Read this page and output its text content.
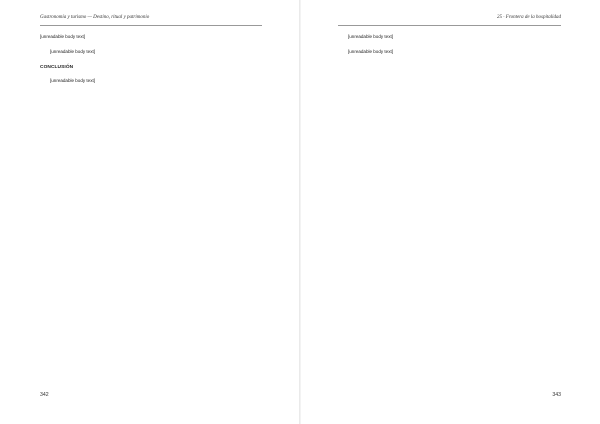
Gastronomía y turismo — Destino, ritual y patrimonio

[unreadable body text]

[unreadable body text]

CONCLUSIÓN

[unreadable body text]

342
25 · Frontera de la hospitalidad

[unreadable body text]

[unreadable body text]

343
